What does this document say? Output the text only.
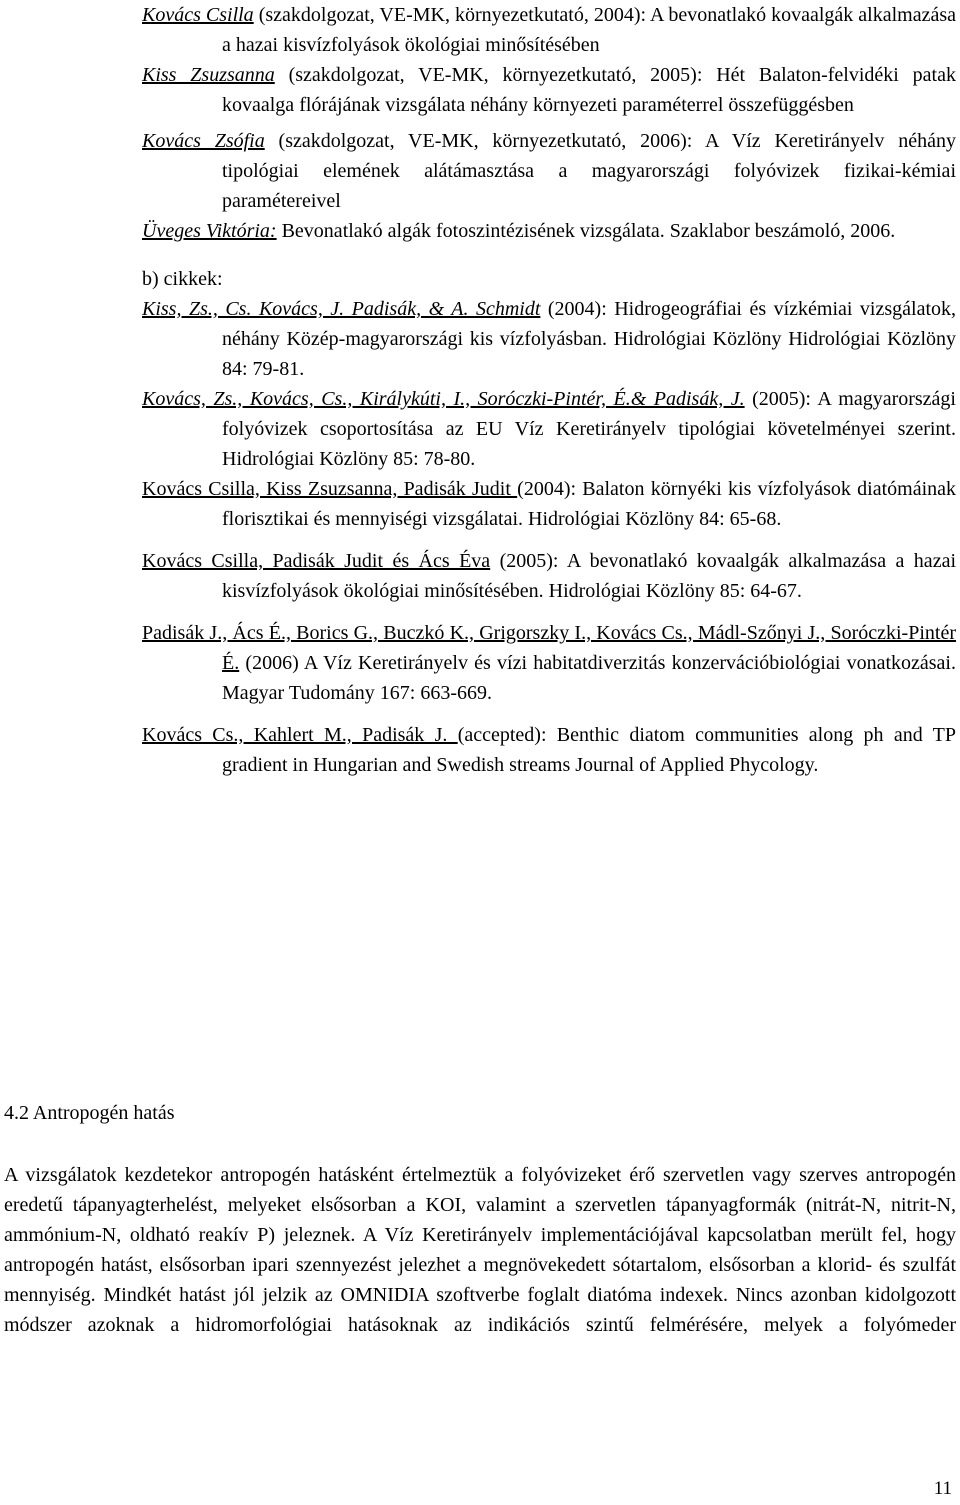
Kovács Csilla (szakdolgozat, VE-MK, környezetkutató, 2004): A bevonatlakó kovaalgák alkalmazása a hazai kisvízfolyások ökológiai minősítésében
Kiss Zsuzsanna (szakdolgozat, VE-MK, környezetkutató, 2005): Hét Balaton-felvidéki patak kovaalga flórájának vizsgálata néhány környezeti paraméterrel összefüggésben
Kovács Zsófia (szakdolgozat, VE-MK, környezetkutató, 2006): A Víz Keretirányelv néhány tipológiai elemének alátámasztása a magyarországi folyóvizek fizikai-kémiai paramétereivel
Üveges Viktória: Bevonatlakó algák fotoszintézisének vizsgálata. Szaklabor beszámoló, 2006.
b) cikkek:
Kiss, Zs., Cs. Kovács, J. Padisák, & A. Schmidt (2004): Hidrogeográfiai és vízkémiai vizsgálatok, néhány Közép-magyarországi kis vízfolyásban. Hidrológiai Közlöny Hidrológiai Közlöny 84: 79-81.
Kovács, Zs., Kovács, Cs., Királykúti, I., Soróczki-Pintér, É.& Padisák, J. (2005): A magyarországi folyóvizek csoportosítása az EU Víz Keretirányelv tipológiai követelményei szerint. Hidrológiai Közlöny 85: 78-80.
Kovács Csilla, Kiss Zsuzsanna, Padisák Judit (2004): Balaton környéki kis vízfolyások diatómáinak florisztikai és mennyiségi vizsgálatai. Hidrológiai Közlöny 84: 65-68.
Kovács Csilla, Padisák Judit és Ács Éva (2005): A bevonatlakó kovaalgák alkalmazása a hazai kisvízfolyások ökológiai minősítésében. Hidrológiai Közlöny 85: 64-67.
Padisák J., Ács É., Borics G., Buczkó K., Grigorszky I., Kovács Cs., Mádl-Szőnyi J., Soróczki-Pintér É. (2006) A Víz Keretirányelv és vízi habitatdiverzitás konzervációbiológiai vonatkozásai. Magyar Tudomány 167: 663-669.
Kovács Cs., Kahlert M., Padisák J. (accepted): Benthic diatom communities along ph and TP gradient in Hungarian and Swedish streams Journal of Applied Phycology.
4.2 Antropogén hatás
A vizsgálatok kezdetekor antropogén hatásként értelmeztük a folyóvizeket érő szervetlen vagy szerves antropogén eredetű tápanyagterhelést, melyeket elsősorban a KOI, valamint a szervetlen tápanyagformák (nitrát-N, nitrit-N, ammónium-N, oldható reakív P) jeleznek. A Víz Keretirányelv implementációjával kapcsolatban merült fel, hogy antropogén hatást, elsősorban ipari szennyezést jelezhet a megnövekedett sótartalom, elsősorban a klorid- és szulfát mennyiség. Mindkét hatást jól jelzik az OMNIDIA szoftverbe foglalt diatóma indexek. Nincs azonban kidolgozott módszer azoknak a hidromorfológiai hatásoknak az indikációs szintű felmérésére, melyek a folyómeder
11
